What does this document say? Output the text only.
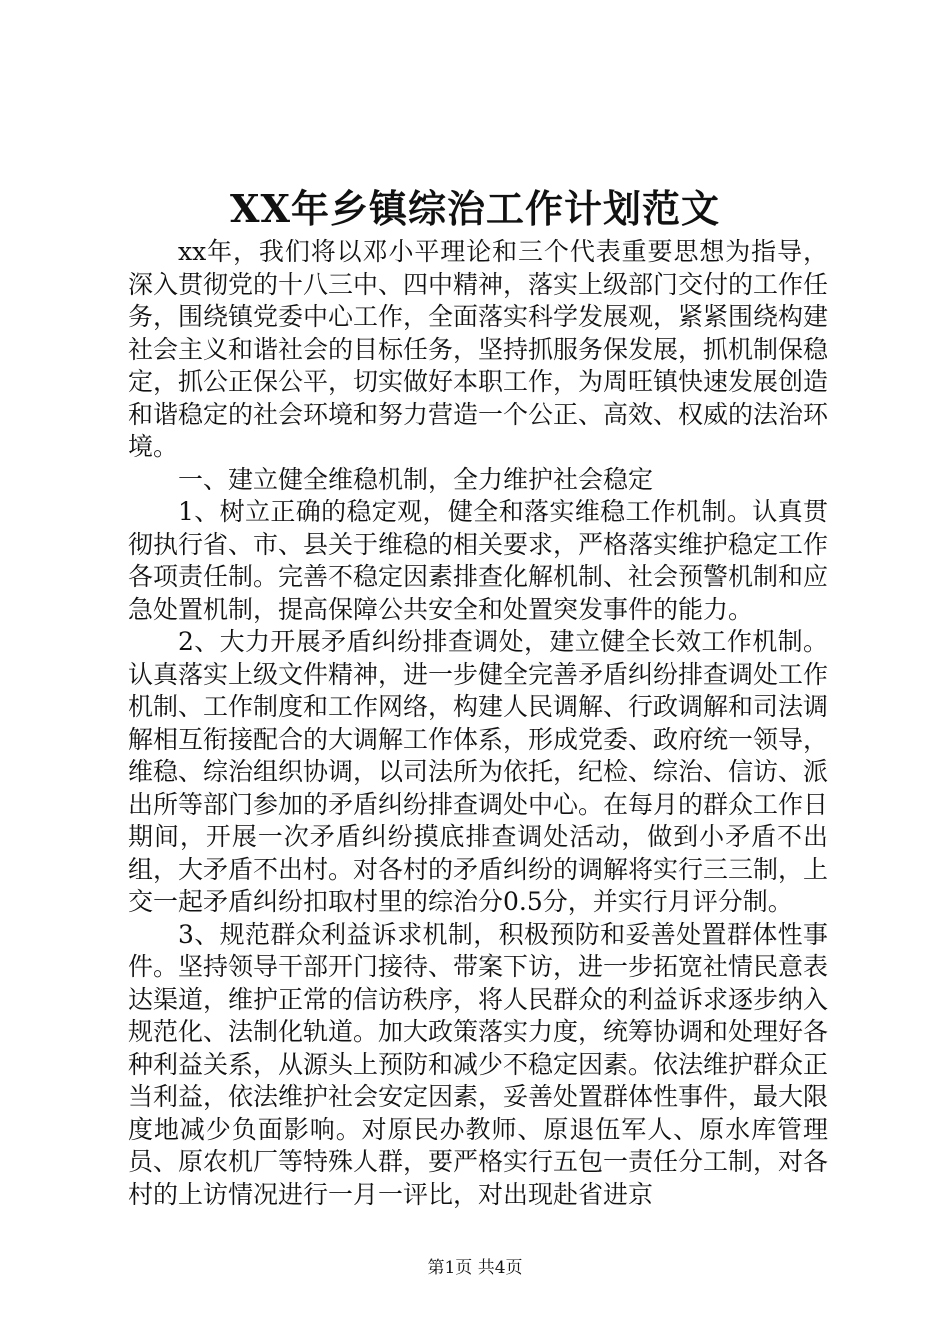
XX年乡镇综治工作计划范文

xx年，我们将以邓小平理论和三个代表重要思想为指导，深入贯彻党的十八三中、四中精神，落实上级部门交付的工作任务，围绕镇党委中心工作，全面落实科学发展观，紧紧围绕构建社会主义和谐社会的目标任务，坚持抓服务保发展，抓机制保稳定，抓公正保公平，切实做好本职工作，为周旺镇快速发展创造和谐稳定的社会环境和努力营造一个公正、高效、权威的法治环境。

一、建立健全维稳机制，全力维护社会稳定

1、树立正确的稳定观，健全和落实维稳工作机制。认真贯彻执行省、市、县关于维稳的相关要求，严格落实维护稳定工作各项责任制。完善不稳定因素排查化解机制、社会预警机制和应急处置机制，提高保障公共安全和处置突发事件的能力。

2、大力开展矛盾纠纷排查调处，建立健全长效工作机制。认真落实上级文件精神，进一步健全完善矛盾纠纷排查调处工作机制、工作制度和工作网络，构建人民调解、行政调解和司法调解相互衔接配合的大调解工作体系，形成党委、政府统一领导，维稳、综治组织协调，以司法所为依托，纪检、综治、信访、派出所等部门参加的矛盾纠纷排查调处中心。在每月的群众工作日期间，开展一次矛盾纠纷摸底排查调处活动，做到小矛盾不出组，大矛盾不出村。对各村的矛盾纠纷的调解将实行三三制，上交一起矛盾纠纷扣取村里的综治分0.5分，并实行月评分制。

3、规范群众利益诉求机制，积极预防和妥善处置群体性事件。坚持领导干部开门接待、带案下访，进一步拓宽社情民意表达渠道，维护正常的信访秩序，将人民群众的利益诉求逐步纳入规范化、法制化轨道。加大政策落实力度，统筹协调和处理好各种利益关系，从源头上预防和减少不稳定因素。依法维护群众正当利益，依法维护社会安定因素，妥善处置群体性事件，最大限度地减少负面影响。对原民办教师、原退伍军人、原水库管理员、原农机厂等特殊人群，要严格实行五包一责任分工制，对各村的上访情况进行一月一评比，对出现赴省进京

第1页 共4页
